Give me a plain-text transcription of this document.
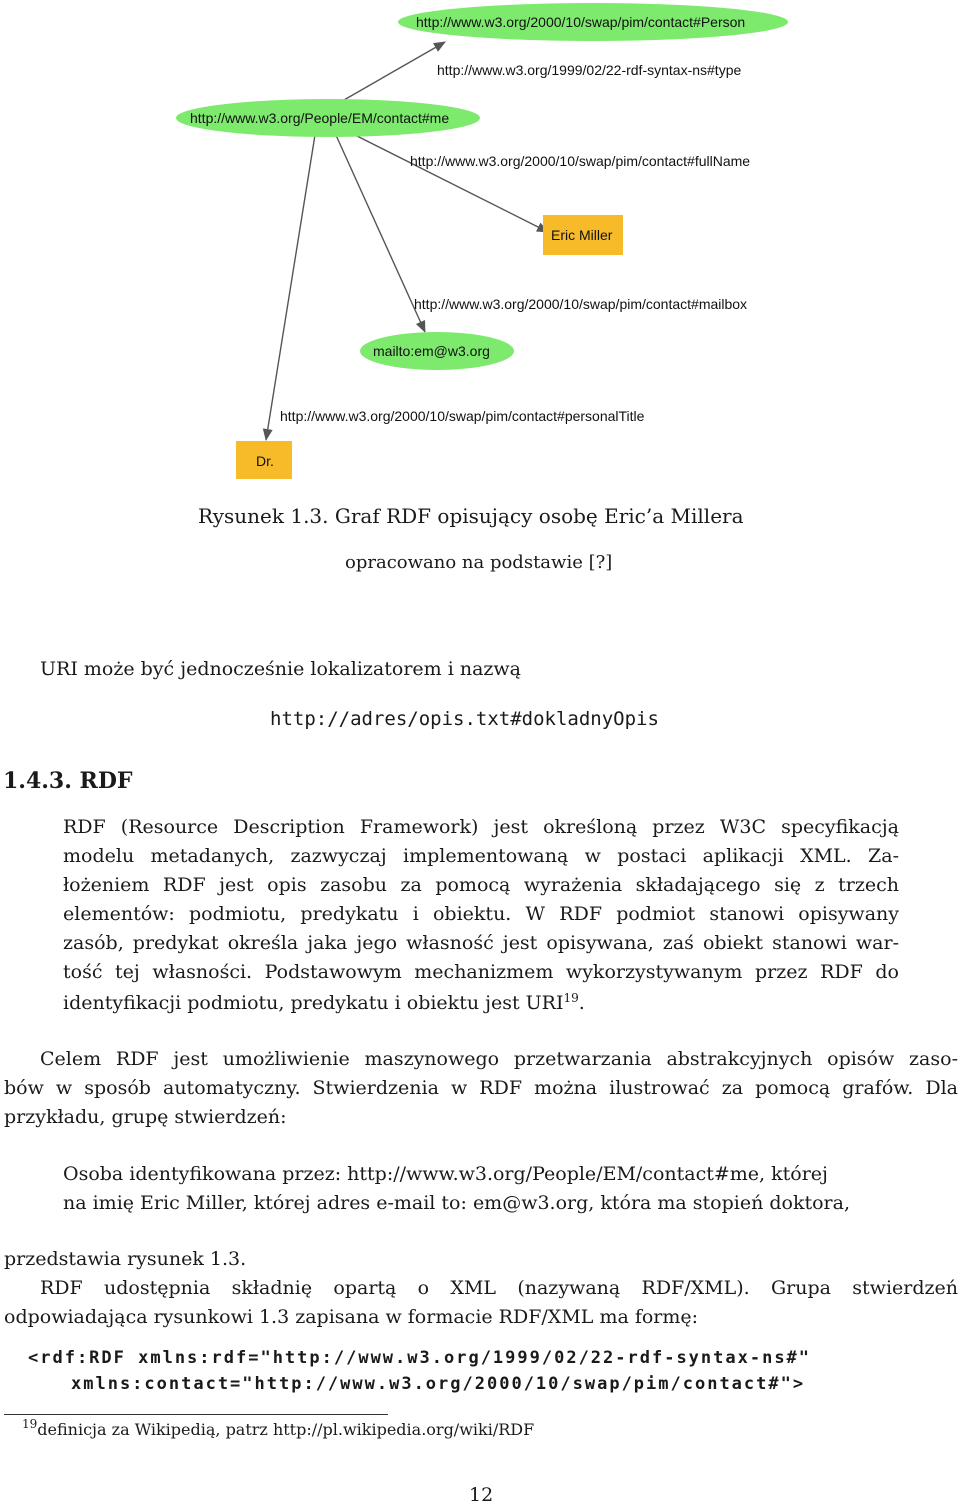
http://www.w3.org/2000/10/swap/pim/contact#Person
http://www.w3.org/People/EM/contact#me
Eric Miller
mailto:em@w3.org
Dr.
http://www.w3.org/1999/02/22-rdf-syntax-ns#type
http://www.w3.org/2000/10/swap/pim/contact#fullName
http://www.w3.org/2000/10/swap/pim/contact#mailbox
http://www.w3.org/2000/10/swap/pim/contact#personalTitle
Rysunek 1.3. Graf RDF opisujący osobę Eric’a Millera
opracowano na podstawie [?]
URI może być jednocześnie lokalizatorem i nazwą
http://adres/opis.txt#dokladnyOpis
1.4.3. RDF
RDF (Resource Description Framework) jest określoną przez W3C specyfikacją
modelu metadanych, zazwyczaj implementowaną w postaci aplikacji XML. Za-
łożeniem RDF jest opis zasobu za pomocą wyrażenia składającego się z trzech
elementów: podmiotu, predykatu i obiektu. W RDF podmiot stanowi opisywany
zasób, predykat określa jaka jego własność jest opisywana, zaś obiekt stanowi war-
tość tej własności. Podstawowym mechanizmem wykorzystywanym przez RDF do
identyfikacji podmiotu, predykatu i obiektu jest URI$^{19}$.
Celem RDF jest umożliwienie maszynowego przetwarzania abstrakcyjnych opisów zaso-
bów w sposób automatyczny. Stwierdzenia w RDF można ilustrować za pomocą grafów. Dla
przykładu, grupę stwierdzeń:
Osoba identyfikowana przez: http://www.w3.org/People/EM/contact#me, której
na imię Eric Miller, której adres e-mail to: em@w3.org, która ma stopień doktora,
przedstawia rysunek 1.3.
RDF udostępnia składnię opartą o XML (nazywaną RDF/XML). Grupa stwierdzeń
odpowiadająca rysunkowi 1.3 zapisana w formacie RDF/XML ma formę:
<rdf:RDF xmlns:rdf="http://www.w3.org/1999/02/22-rdf-syntax-ns#"
xmlns:contact="http://www.w3.org/2000/10/swap/pim/contact#">
$^{19}$definicja za Wikipedią, patrz http://pl.wikipedia.org/wiki/RDF
12
